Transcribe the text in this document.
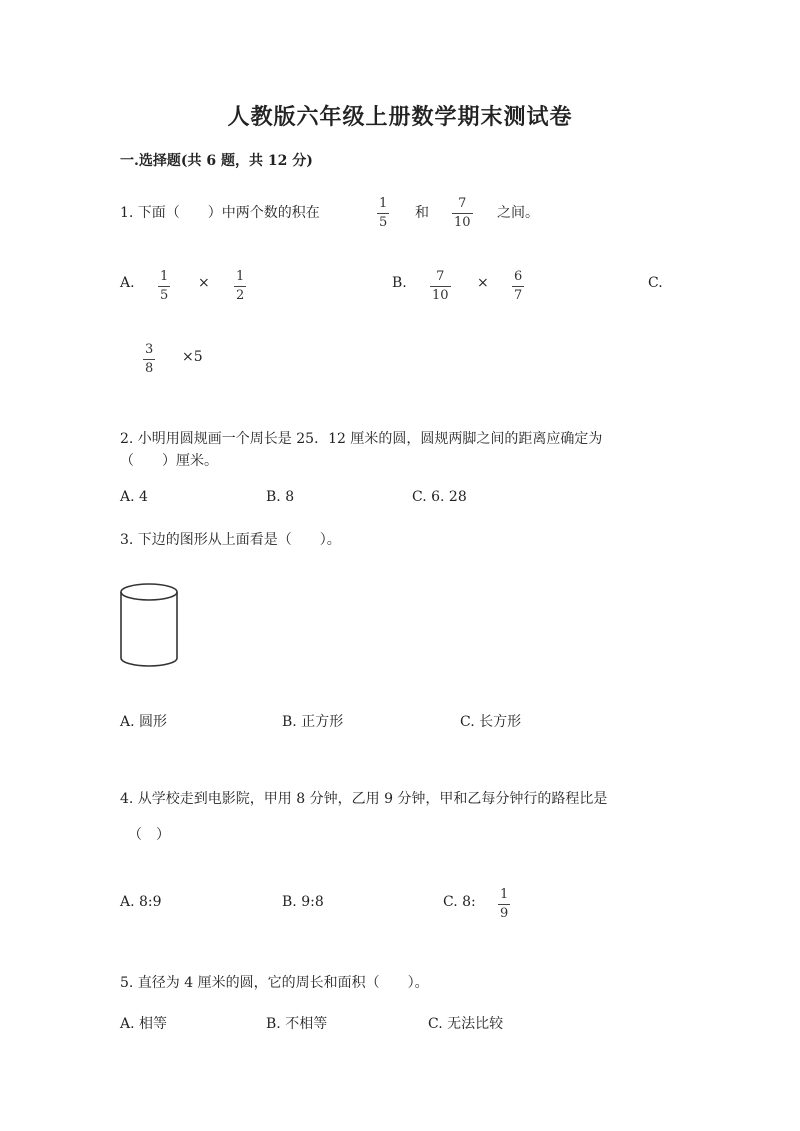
人教版六年级上册数学期末测试卷
一.选择题(共 6 题，共 12 分)
1. 下面（　　）中两个数的积在
1
5
和
7
10
之间。
A. 1
5
× 1
2
B. 7
10
× 6
7
C.
3
8
×5
2. 小明用圆规画一个周长是 25．12 厘米的圆，圆规两脚之间的距离应确定为
（　　）厘米。
A. 4	B. 8	C. 6. 28
3. 下边的图形从上面看是（　　）。
A. 圆形	B. 正方形	C. 长方形
4. 从学校走到电影院，甲用 8 分钟，乙用 9 分钟，甲和乙每分钟行的路程比是
（　）
A. 8:9	B. 9:8	C. 8: 1
9
5. 直径为 4 厘米的圆，它的周长和面积（　　）。
A. 相等	B. 不相等	C. 无法比较
